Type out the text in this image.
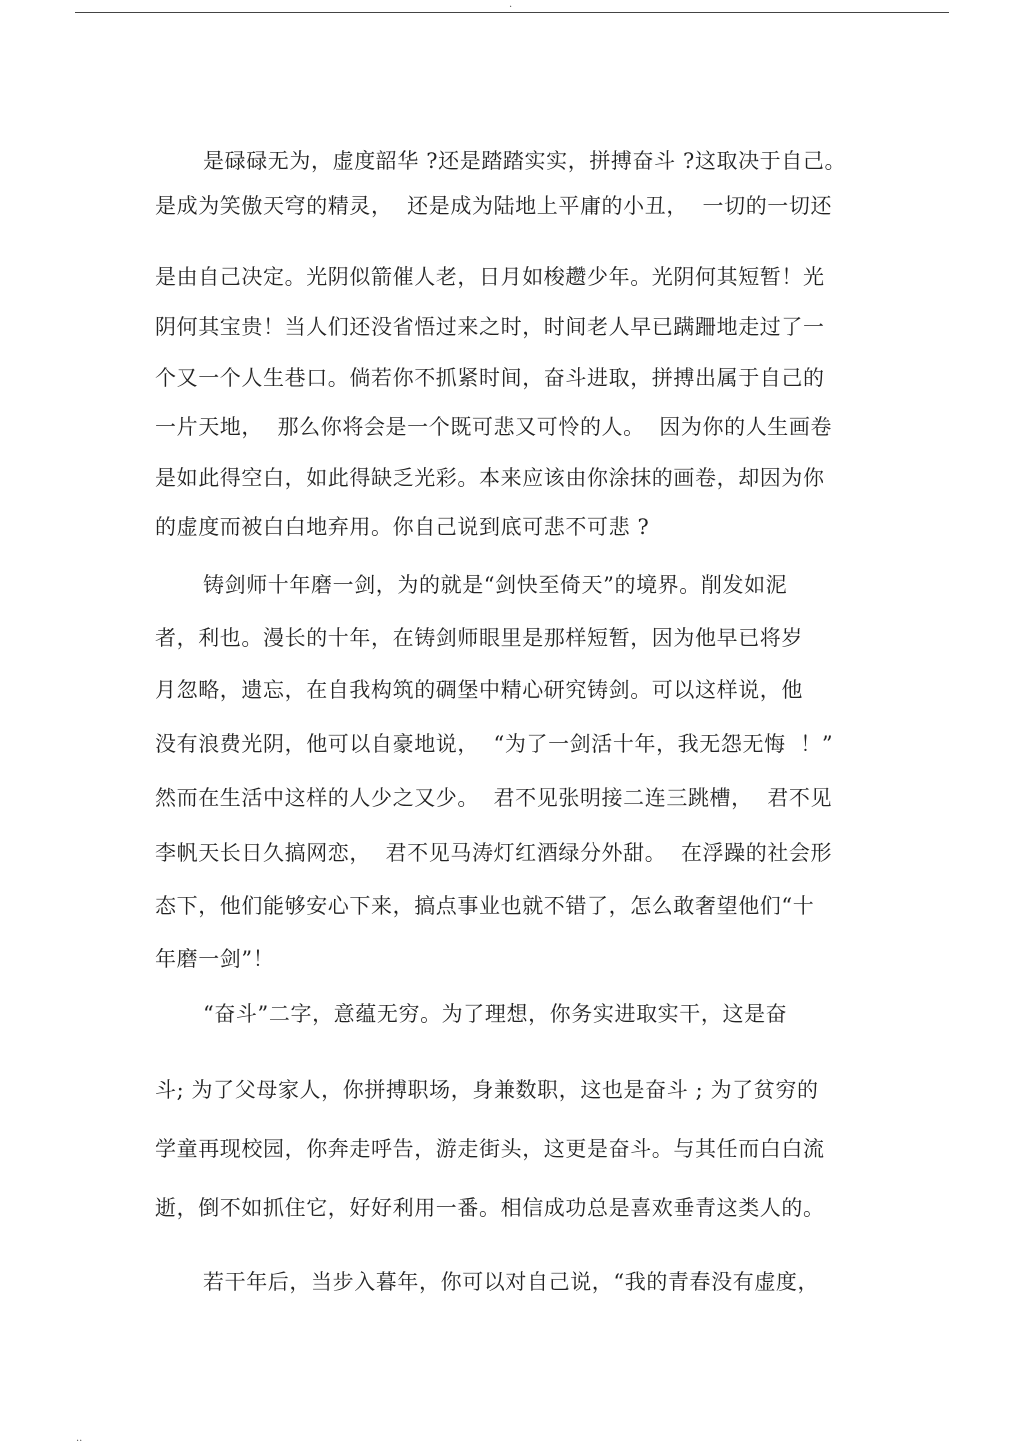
.
是碌碌无为，虚度韶华 ?还是踏踏实实，拼搏奋斗 ?这取决于自己。
是成为笑傲天穹的精灵，  还是成为陆地上平庸的小丑，  一切的一切还
是由自己决定。光阴似箭催人老，日月如梭趱少年。光阴何其短暂！光
阴何其宝贵！当人们还没省悟过来之时，时间老人早已蹒跚地走过了一
个又一个人生巷口。倘若你不抓紧时间，奋斗进取，拼搏出属于自己的
一片天地，  那么你将会是一个既可悲又可怜的人。  因为你的人生画卷
是如此得空白，如此得缺乏光彩。本来应该由你涂抹的画卷，却因为你
的虚度而被白白地弃用。你自己说到底可悲不可悲 ?
铸剑师十年磨一剑，为的就是“剑快至倚天”的境界。削发如泥
者，利也。漫长的十年，在铸剑师眼里是那样短暂，因为他早已将岁
月忽略，遗忘，在自我构筑的碉堡中精心研究铸剑。可以这样说，他
没有浪费光阴，他可以自豪地说，  “为了一剑活十年，我无怨无悔  ！”
然而在生活中这样的人少之又少。  君不见张明接二连三跳槽，  君不见
李帆天长日久搞网恋，  君不见马涛灯红酒绿分外甜。  在浮躁的社会形
态下，他们能够安心下来，搞点事业也就不错了，怎么敢奢望他们“十
年磨一剑”！
“奋斗”二字，意蕴无穷。为了理想，你务实进取实干，这是奋
斗; 为了父母家人，你拼搏职场，身兼数职，这也是奋斗 ; 为了贫穷的
学童再现校园，你奔走呼告，游走街头，这更是奋斗。与其任而白白流
逝，倒不如抓住它，好好利用一番。相信成功总是喜欢垂青这类人的。
若干年后，当步入暮年，你可以对自己说，“我的青春没有虚度，
..
